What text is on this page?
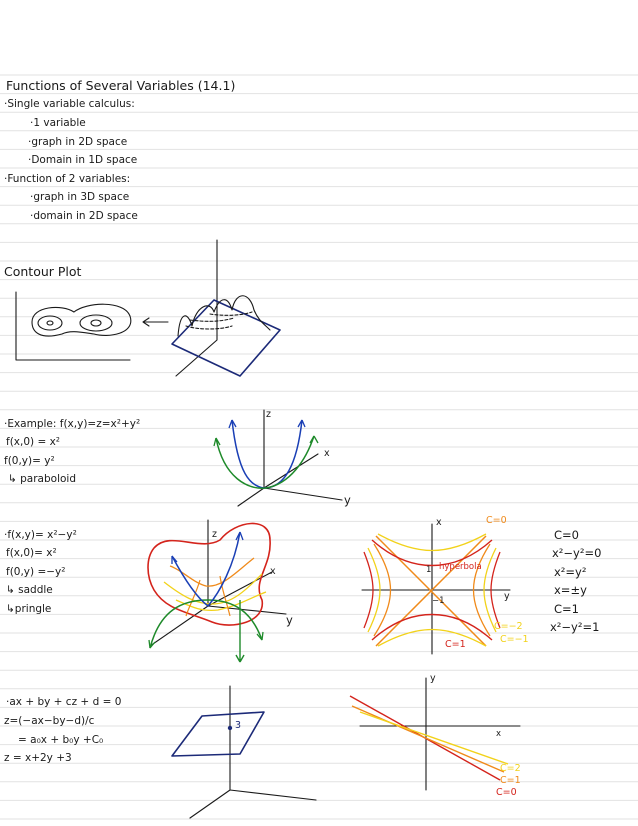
Functions of Several Variables (14.1)
·Single variable calculus:
·1 variable
·graph in 2D space
·Domain in 1D space
·Function of 2 variables:
·graph in 3D space
·domain in 2D space
Contour Plot
·Example: f(x,y)=z=x²+y²
f(x,0) = x²
f(0,y)= y²
↳ paraboloid
z
x
y
·f(x,y)= x²−y²
f(x,0)= x²
f(0,y) =−y²
↳ saddle
↳pringle
z
x
y
x
y
C=0
hyperbola
1
−1
C=1
C=−2
C=−1
C=0
x²−y²=0
x²=y²
x=±y
C=1
x²−y²=1
·ax + by + cz + d = 0
z=(−ax−by−d)/c
= a₀x + b₀y +C₀
z = x+2y +3
3
y
x
C=2
C=1
C=0
